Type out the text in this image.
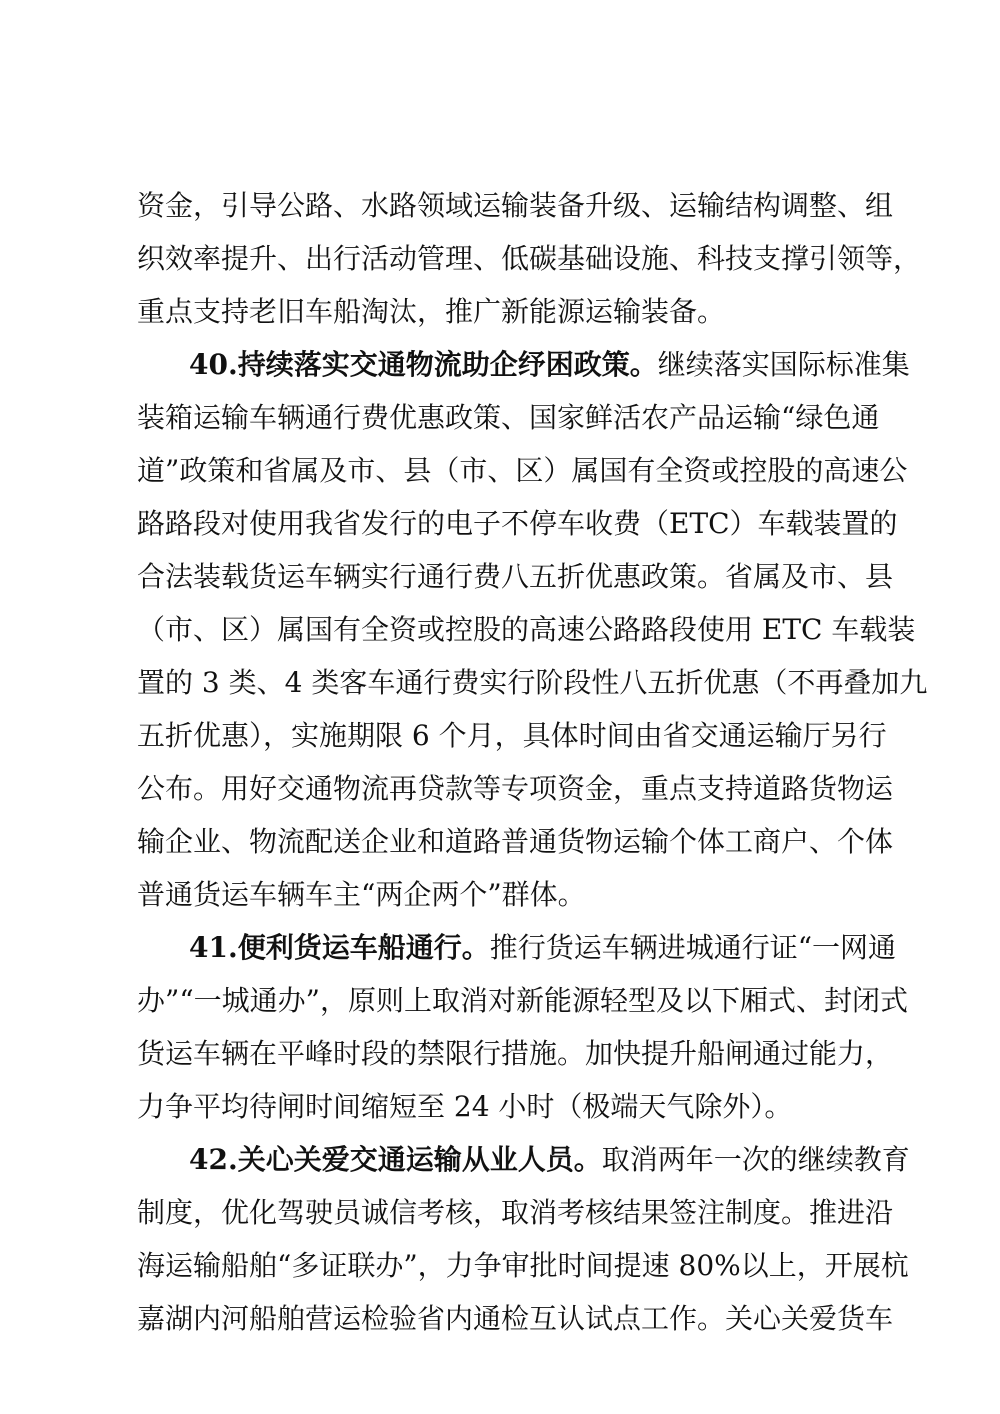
资金，引导公路、水路领域运输装备升级、运输结构调整、组
织效率提升、出行活动管理、低碳基础设施、科技支撑引领等，
重点支持老旧车船淘汰，推广新能源运输装备。
40.持续落实交通物流助企纾困政策。继续落实国际标准集
装箱运输车辆通行费优惠政策、国家鲜活农产品运输“绿色通
道”政策和省属及市、县（市、区）属国有全资或控股的高速公
路路段对使用我省发行的电子不停车收费（ETC）车载装置的
合法装载货运车辆实行通行费八五折优惠政策。省属及市、县
（市、区）属国有全资或控股的高速公路路段使用 ETC 车载装
置的 3 类、4 类客车通行费实行阶段性八五折优惠（不再叠加九
五折优惠），实施期限 6 个月，具体时间由省交通运输厅另行
公布。用好交通物流再贷款等专项资金，重点支持道路货物运
输企业、物流配送企业和道路普通货物运输个体工商户、个体
普通货运车辆车主“两企两个”群体。
41.便利货运车船通行。推行货运车辆进城通行证“一网通
办”“一城通办”，原则上取消对新能源轻型及以下厢式、封闭式
货运车辆在平峰时段的禁限行措施。加快提升船闸通过能力，
力争平均待闸时间缩短至 24 小时（极端天气除外）。
42.关心关爱交通运输从业人员。取消两年一次的继续教育
制度，优化驾驶员诚信考核，取消考核结果签注制度。推进沿
海运输船舶“多证联办”，力争审批时间提速 80%以上，开展杭
嘉湖内河船舶营运检验省内通检互认试点工作。关心关爱货车
